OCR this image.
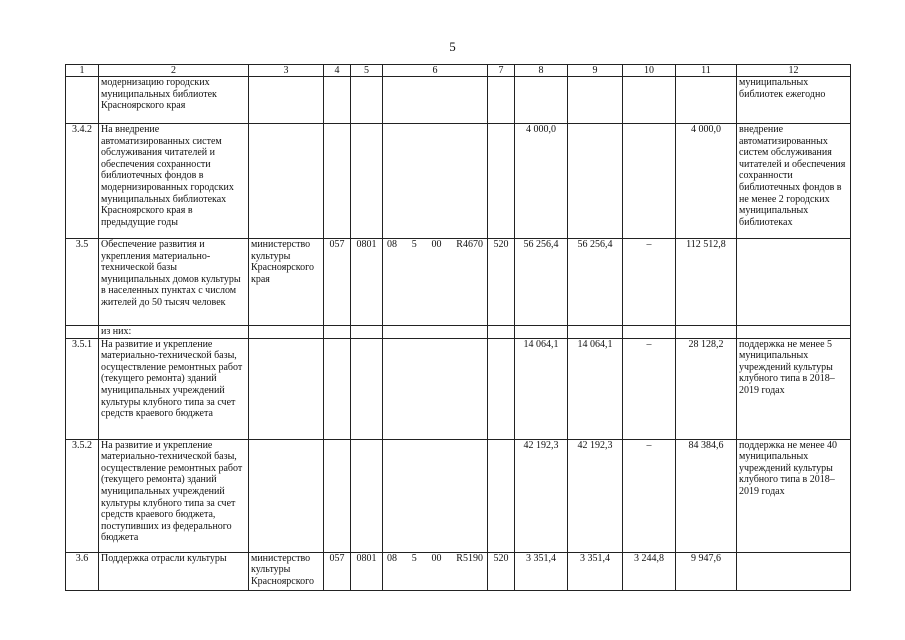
5
1	2	3	4	5	6	7	8	9	10	11	12
	модернизацию городских муниципальных библиотек Красноярского края										муниципальных библиотек ежегодно
3.4.2	На внедрение автоматизированных систем обслуживания читателей и обеспечения сохранности библиотечных фондов в модернизированных городских муниципальных библиотеках Красноярского края в предыдущие годы						4 000,0			4 000,0	внедрение автоматизированных систем обслуживания читателей и обеспечения сохранности библиотечных фондов в не менее 2 городских муниципальных библиотеках
3.5	Обеспечение развития и укрепления материально-технической базы муниципальных домов культуры в населенных пунктах с числом жителей до 50 тысяч человек	министерство культуры Красноярского края	057	0801	08 5 00 R4670	520	56 256,4	56 256,4	–	112 512,8	
	из них:				

3.5.1	На развитие и укрепление материально-технической базы, осуществление ремонтных работ (текущего ремонта) зданий муниципальных учреждений культуры клубного типа за счет средств краевого бюджета						14 064,1	14 064,1	–	28 128,2	поддержка не менее 5 муниципальных учреждений культуры клубного типа в 2018–2019 годах
3.5.2	На развитие и укрепление материально-технической базы, осуществление ремонтных работ (текущего ремонта) зданий муниципальных учреждений культуры клубного типа за счет средств краевого бюджета, поступивших из федерального бюджета						42 192,3	42 192,3	–	84 384,6	поддержка не менее 40 муниципальных учреждений культуры клубного типа в 2018–2019 годах
3.6	Поддержка отрасли культуры	министерство культуры Красноярского	057	0801	08 5 00 R5190	520	3 351,4	3 351,4	3 244,8	9 947,6	
